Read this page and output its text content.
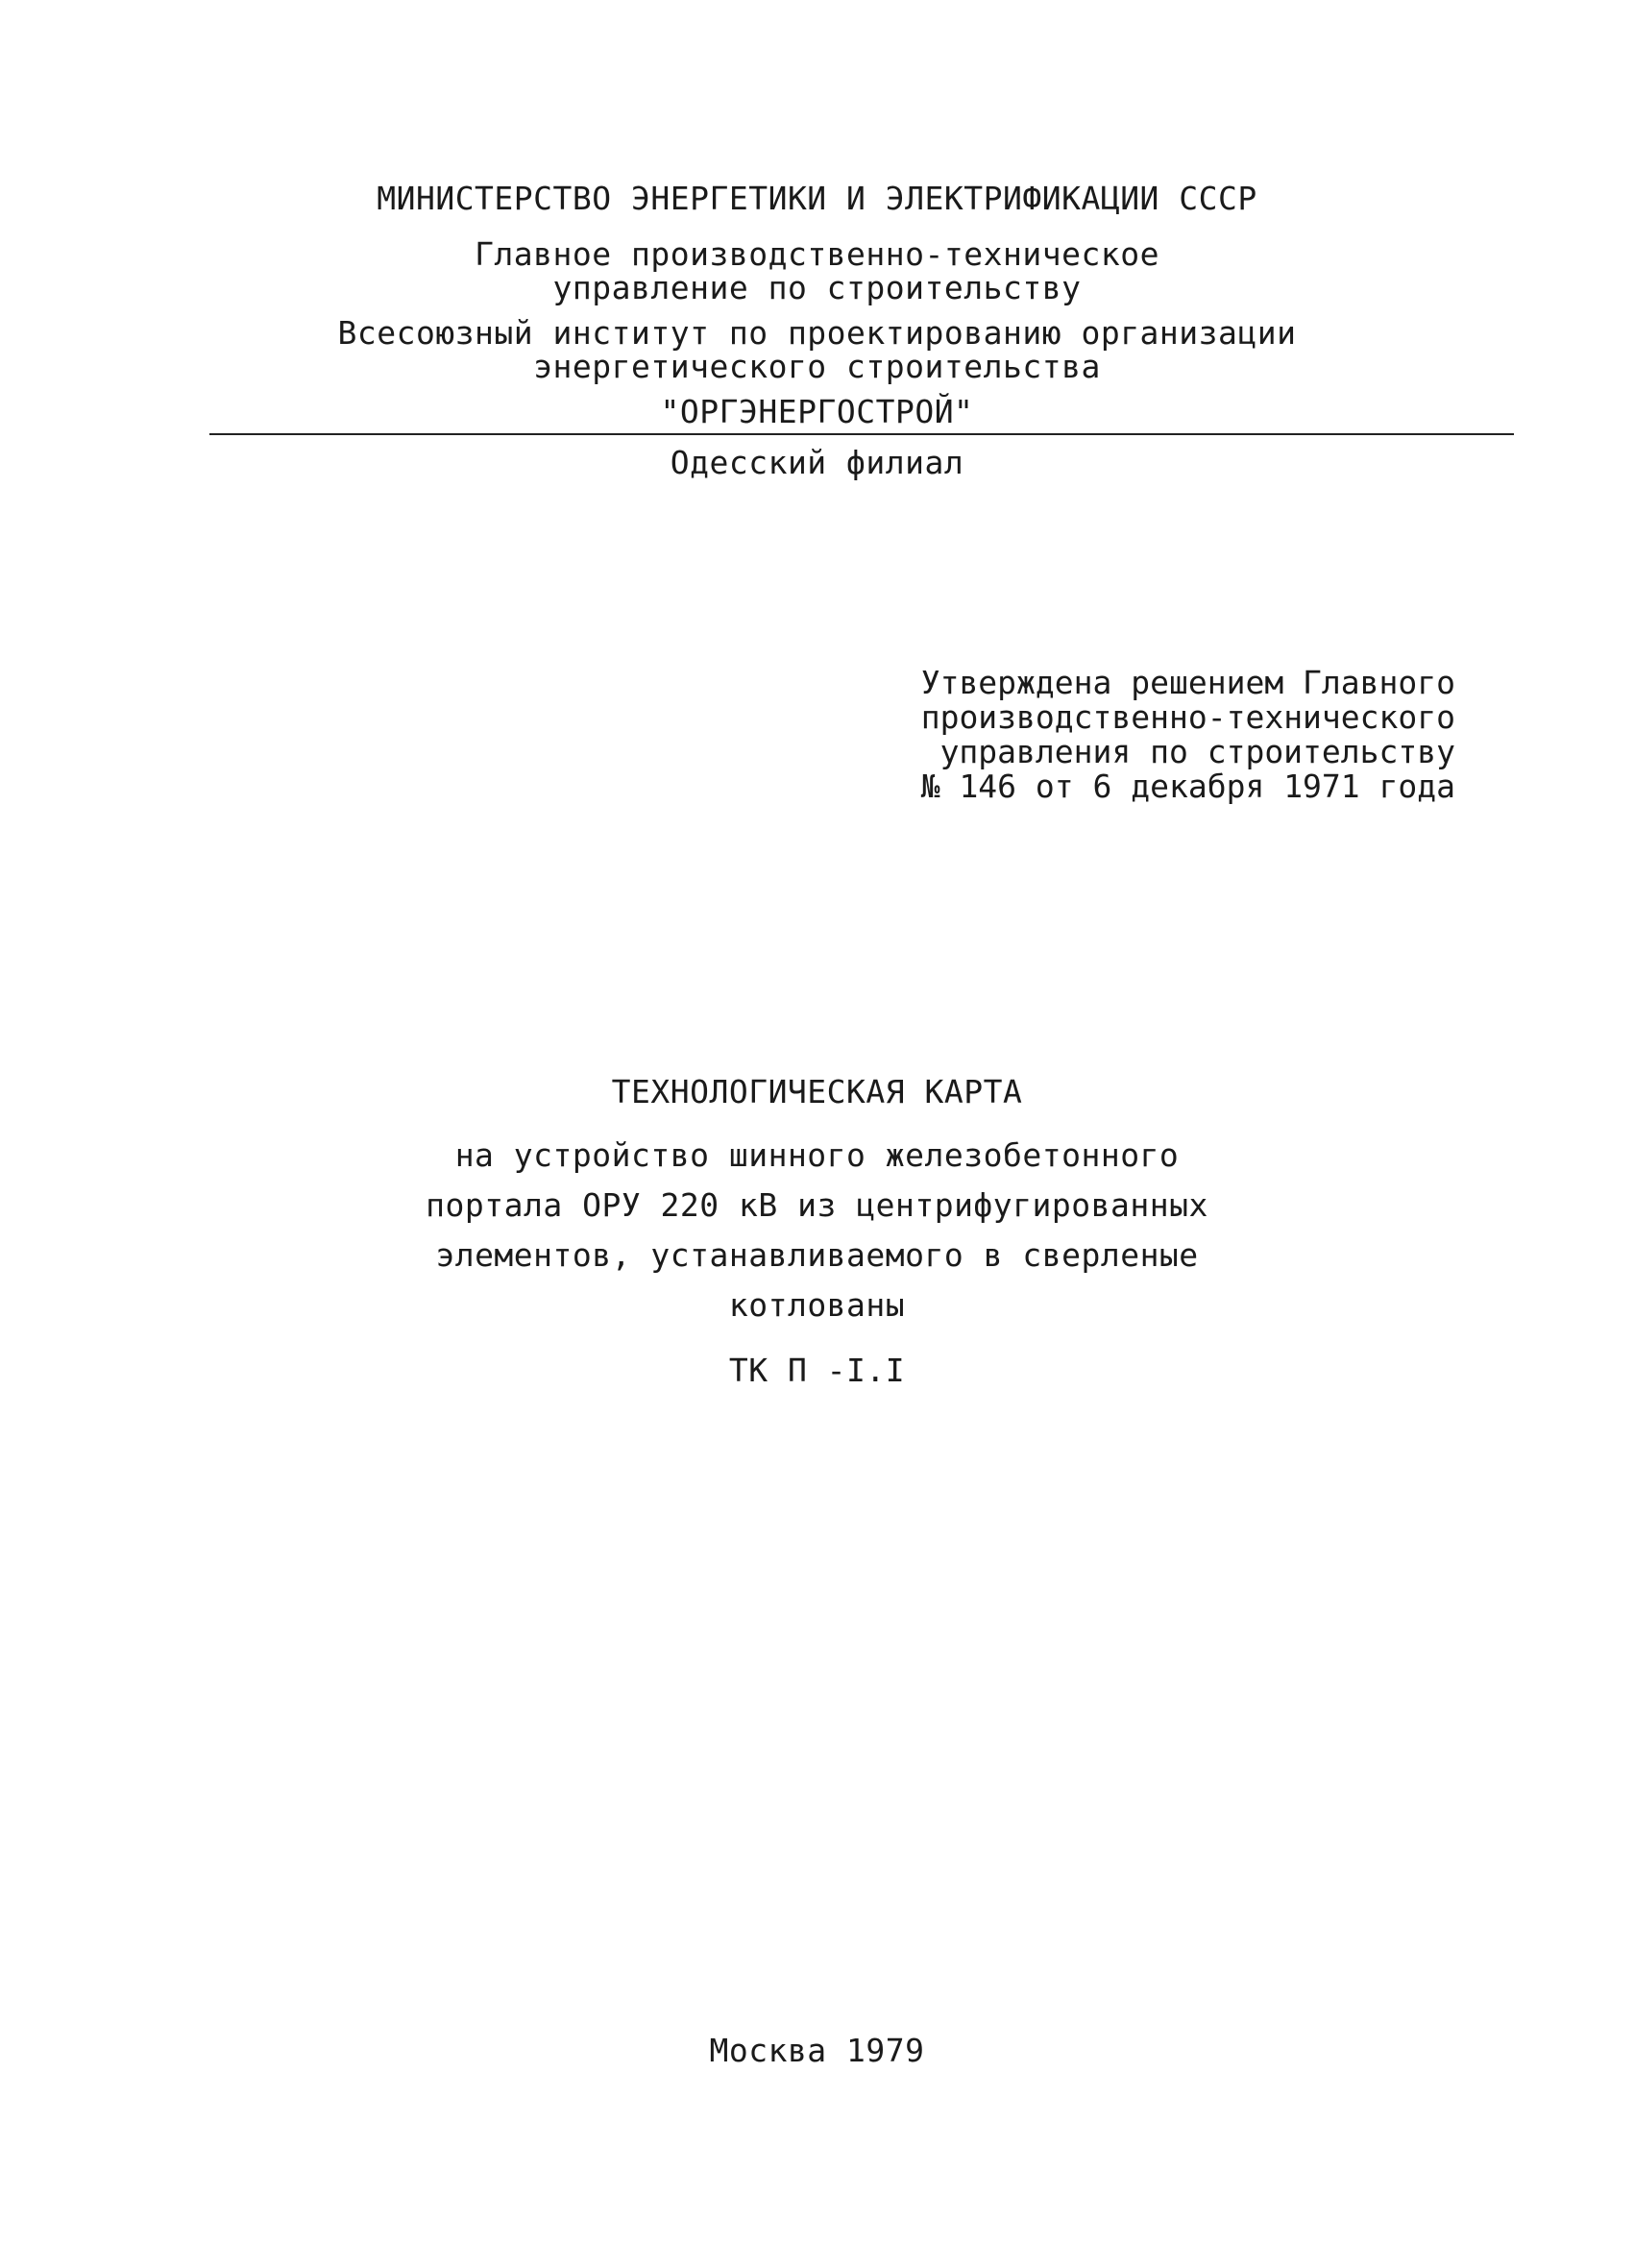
МИНИСТЕРСТВО ЭНЕРГЕТИКИ И ЭЛЕКТРИФИКАЦИИ СССР
Главное производственно-техническое
управление по строительству
Всесоюзный институт по проектированию организации
энергетического строительства
"ОРГЭНЕРГОСТРОЙ"
Одесский филиал
Утверждена решением Главного
производственно-технического
управления по строительству
№ 146 от 6 декабря 1971 года
ТЕХНОЛОГИЧЕСКАЯ КАРТА
на устройство шинного железобетонного
портала ОРУ 220 кВ из центрифугированных
элементов, устанавливаемого в сверленые
котлованы
ТК П -I.I
Москва 1979
